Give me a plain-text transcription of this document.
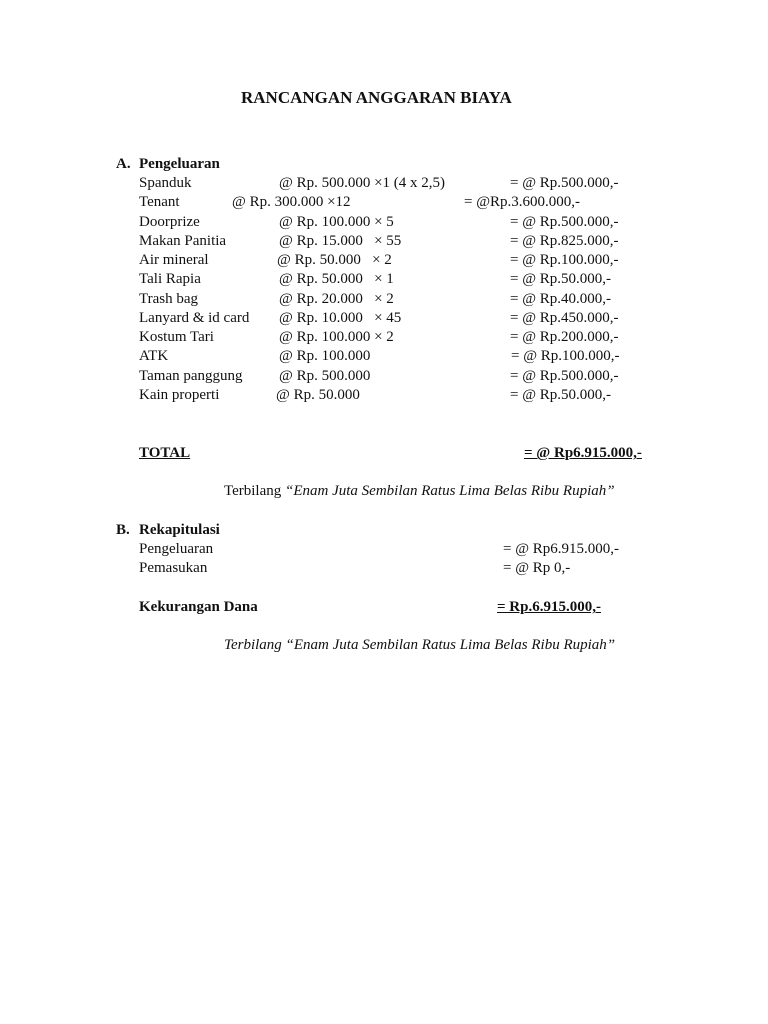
RANCANGAN ANGGARAN BIAYA
A. Pengeluaran
Spanduk	@ Rp. 500.000 ×1 (4 x 2,5)	= @ Rp.500.000,-
Tenant	@ Rp. 300.000 ×12	= @Rp.3.600.000,-
Doorprize	@ Rp. 100.000 × 5	= @ Rp.500.000,-
Makan Panitia	@ Rp. 15.000   × 55	= @ Rp.825.000,-
Air mineral	@ Rp. 50.000   × 2	= @ Rp.100.000,-
Tali Rapia	@ Rp. 50.000   × 1	= @ Rp.50.000,-
Trash bag	@ Rp. 20.000   × 2	= @ Rp.40.000,-
Lanyard & id card @ Rp. 10.000   × 45	= @ Rp.450.000,-
Kostum Tari	@ Rp. 100.000 × 2	= @ Rp.200.000,-
ATK	@ Rp. 100.000	= @ Rp.100.000,-
Taman panggung @ Rp. 500.000	= @ Rp.500.000,-
Kain properti	@ Rp. 50.000	= @ Rp.50.000,-
TOTAL	= @ Rp6.915.000,-
Terbilang “Enam Juta Sembilan Ratus Lima Belas Ribu Rupiah”
B. Rekapitulasi
Pengeluaran	= @ Rp6.915.000,-
Pemasukan	= @ Rp 0,-
Kekurangan Dana	= Rp.6.915.000,-
Terbilang “Enam Juta Sembilan Ratus Lima Belas Ribu Rupiah”
